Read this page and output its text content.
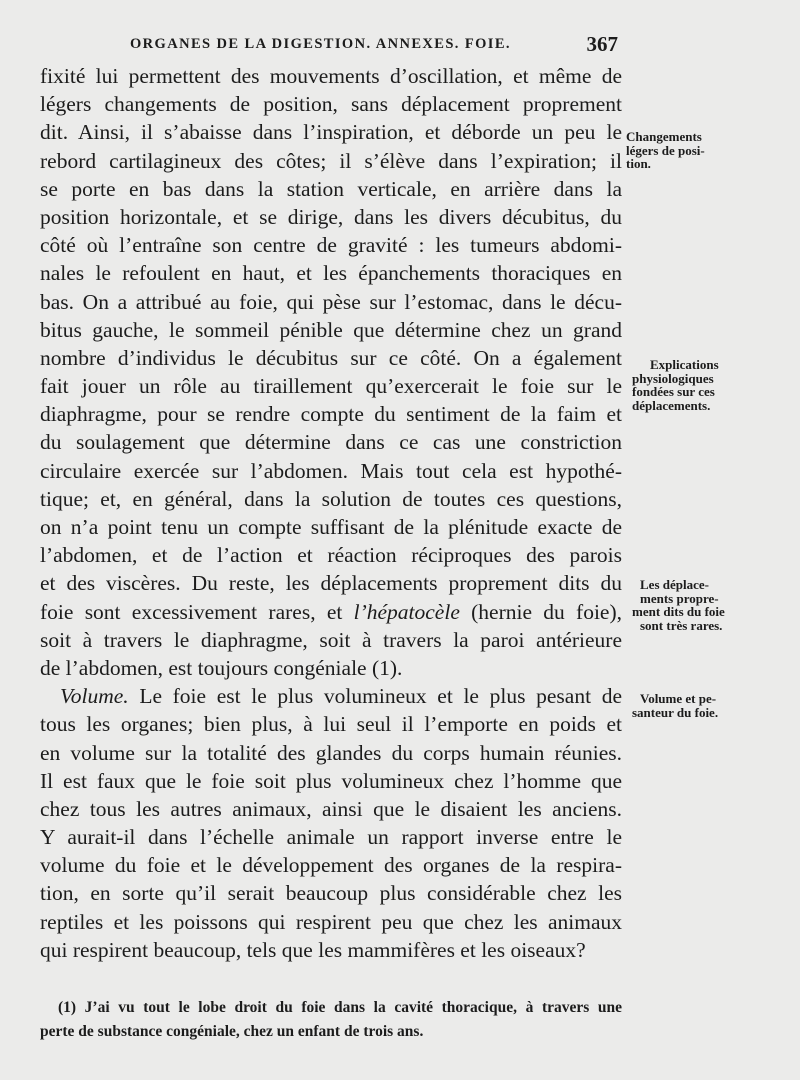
ORGANES DE LA DIGESTION. ANNEXES. FOIE.	367
fixité lui permettent des mouvements d’oscillation, et même de
légers changements de position, sans déplacement proprement
dit. Ainsi, il s’abaisse dans l’inspiration, et déborde un peu le
rebord cartilagineux des côtes; il s’élève dans l’expiration; il
se porte en bas dans la station verticale, en arrière dans la
position horizontale, et se dirige, dans les divers décubitus, du
côté où l’entraîne son centre de gravité : les tumeurs abdomi-
nales le refoulent en haut, et les épanchements thoraciques en
bas. On a attribué au foie, qui pèse sur l’estomac, dans le décu-
bitus gauche, le sommeil pénible que détermine chez un grand
nombre d’individus le décubitus sur ce côté. On a également
fait jouer un rôle au tiraillement qu’exercerait le foie sur le
diaphragme, pour se rendre compte du sentiment de la faim et
du soulagement que détermine dans ce cas une constriction
circulaire exercée sur l’abdomen. Mais tout cela est hypothé-
tique; et, en général, dans la solution de toutes ces questions,
on n’a point tenu un compte suffisant de la plénitude exacte de
l’abdomen, et de l’action et réaction réciproques des parois
et des viscères. Du reste, les déplacements proprement dits du
foie sont excessivement rares, et l’hépatocèle (hernie du foie),
soit à travers le diaphragme, soit à travers la paroi antérieure
de l’abdomen, est toujours congéniale (1).
Volume. Le foie est le plus volumineux et le plus pesant de
tous les organes; bien plus, à lui seul il l’emporte en poids et
en volume sur la totalité des glandes du corps humain réunies.
Il est faux que le foie soit plus volumineux chez l’homme que
chez tous les autres animaux, ainsi que le disaient les anciens.
Y aurait-il dans l’échelle animale un rapport inverse entre le
volume du foie et le développement des organes de la respira-
tion, en sorte qu’il serait beaucoup plus considérable chez les
reptiles et les poissons qui respirent peu que chez les animaux
qui respirent beaucoup, tels que les mammifères et les oiseaux?
(1) J’ai vu tout le lobe droit du foie dans la cavité thoracique, à travers une
perte de substance congéniale, chez un enfant de trois ans.
Changements
légers de posi-
tion.
Explications
physiologiques
fondées sur ces
déplacements.
Les déplace-
ments propre-
ment dits du foie
sont très rares.
Volume et pe-
santeur du foie.
